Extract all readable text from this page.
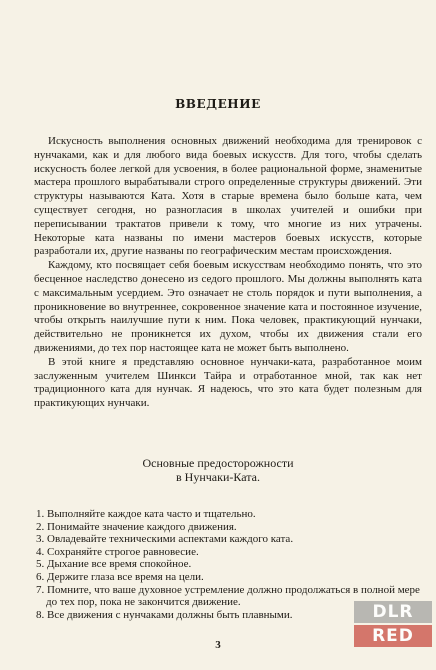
ВВЕДЕНИЕ

Искусность выполнения основных движений необходима для тренировок с нунчаками, как и для любого вида боевых искусств. Для того, чтобы сделать искусность более легкой для усвоения, в более рациональной форме, знаменитые мастера прошлого вырабатывали строго определенные структуры движений. Эти структуры называются Ката. Хотя в старые времена было больше ката, чем существует сегодня, но разногласия в школах учителей и ошибки при переписывании трактатов привели к тому, что многие из них утрачены. Некоторые ката названы по имени мастеров боевых искусств, которые разработали их, другие названы по географическим местам происхождения.

Каждому, кто посвящает себя боевым искусствам необходимо понять, что это бесценное наследство донесено из седого прошлого. Мы должны выполнять ката с максимальным усердием. Это означает не столь порядок и пути выполнения, а проникновение во внутреннее, сокровенное значение ката и постоянное изучение, чтобы открыть наилучшие пути к ним. Пока человек, практикующий нунчаки, действительно не проникнется их духом, чтобы их движения стали его движениями, до тех пор настоящее ката не может быть выполнено.

В этой книге я представляю основное нунчаки-ката, разработанное моим заслуженным учителем Шинкси Тайра и отработанное мной, так как нет традиционного ката для нунчак. Я надеюсь, что это ката будет полезным для практикующих нунчаки.

Основные предосторожности
в Нунчаки-Ката.
1. Выполняйте каждое ката часто и тщательно.
2. Понимайте значение каждого движения.
3. Овладевайте техническими аспектами каждого ката.
4. Сохраняйте строгое равновесие.
5. Дыхание все время спокойное.
6. Держите глаза все время на цели.
7. Помните, что ваше духовное устремление должно продолжаться в полной мере до тех пор, пока не закончится движение.
8. Все движения с нунчаками должны быть плавными.
3
DLR
RED
